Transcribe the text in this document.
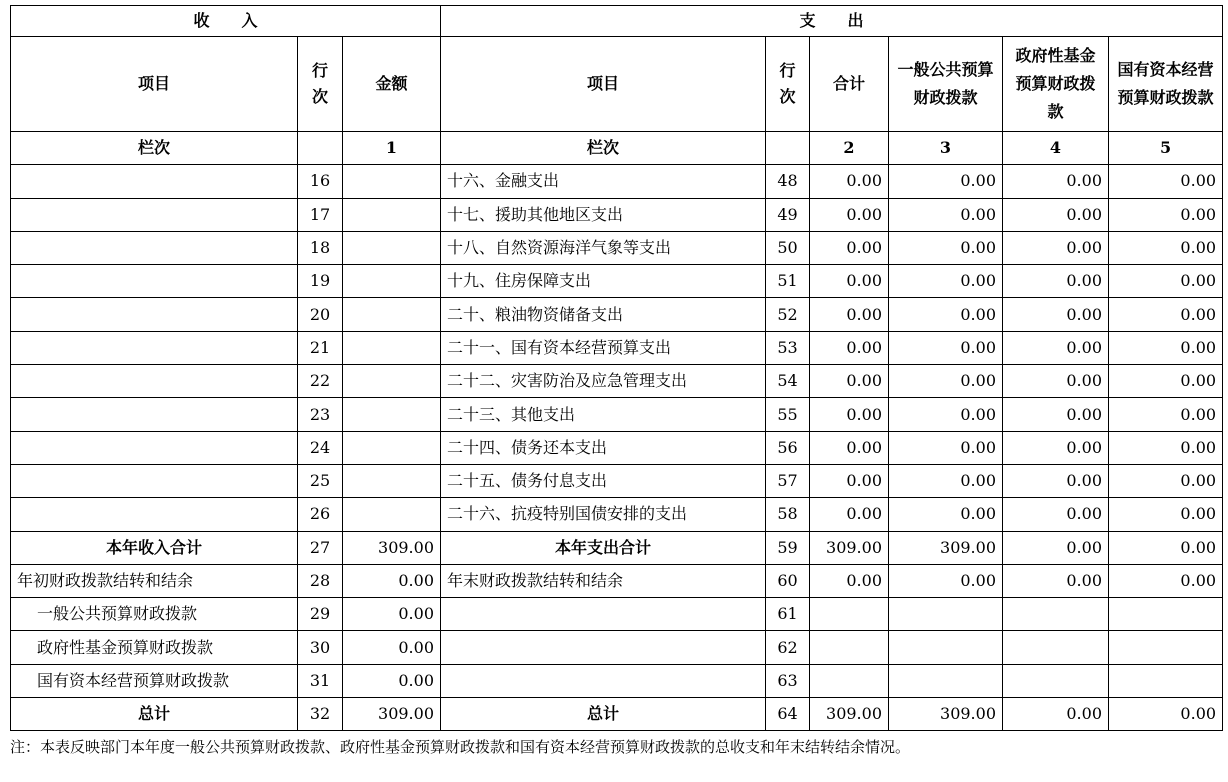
收　　入			支　　出					
项目	行次	金额	项目	行次	合计	一般公共预算财政拨款	政府性基金预算财政拨款	国有资本经营预算财政拨款
栏次		1	栏次		2	3	4	5
	16		十六、金融支出	48	0.00	0.00	0.00	0.00
	17		十七、援助其他地区支出	49	0.00	0.00	0.00	0.00
	18		十八、自然资源海洋气象等支出	50	0.00	0.00	0.00	0.00
	19		十九、住房保障支出	51	0.00	0.00	0.00	0.00
	20		二十、粮油物资储备支出	52	0.00	0.00	0.00	0.00
	21		二十一、国有资本经营预算支出	53	0.00	0.00	0.00	0.00
	22		二十二、灾害防治及应急管理支出	54	0.00	0.00	0.00	0.00
	23		二十三、其他支出	55	0.00	0.00	0.00	0.00
	24		二十四、债务还本支出	56	0.00	0.00	0.00	0.00
	25		二十五、债务付息支出	57	0.00	0.00	0.00	0.00
	26		二十六、抗疫特别国债安排的支出	58	0.00	0.00	0.00	0.00
本年收入合计	27	309.00	本年支出合计	59	309.00	309.00	0.00	0.00
年初财政拨款结转和结余	28	0.00	年末财政拨款结转和结余	60	0.00	0.00	0.00	0.00
一般公共预算财政拨款	29	0.00		61				
政府性基金预算财政拨款	30	0.00		62				
国有资本经营预算财政拨款	31	0.00		63				
总计	32	309.00	总计	64	309.00	309.00	0.00	0.00
注：本表反映部门本年度一般公共预算财政拨款、政府性基金预算财政拨款和国有资本经营预算财政拨款的总收支和年末结转结余情况。
